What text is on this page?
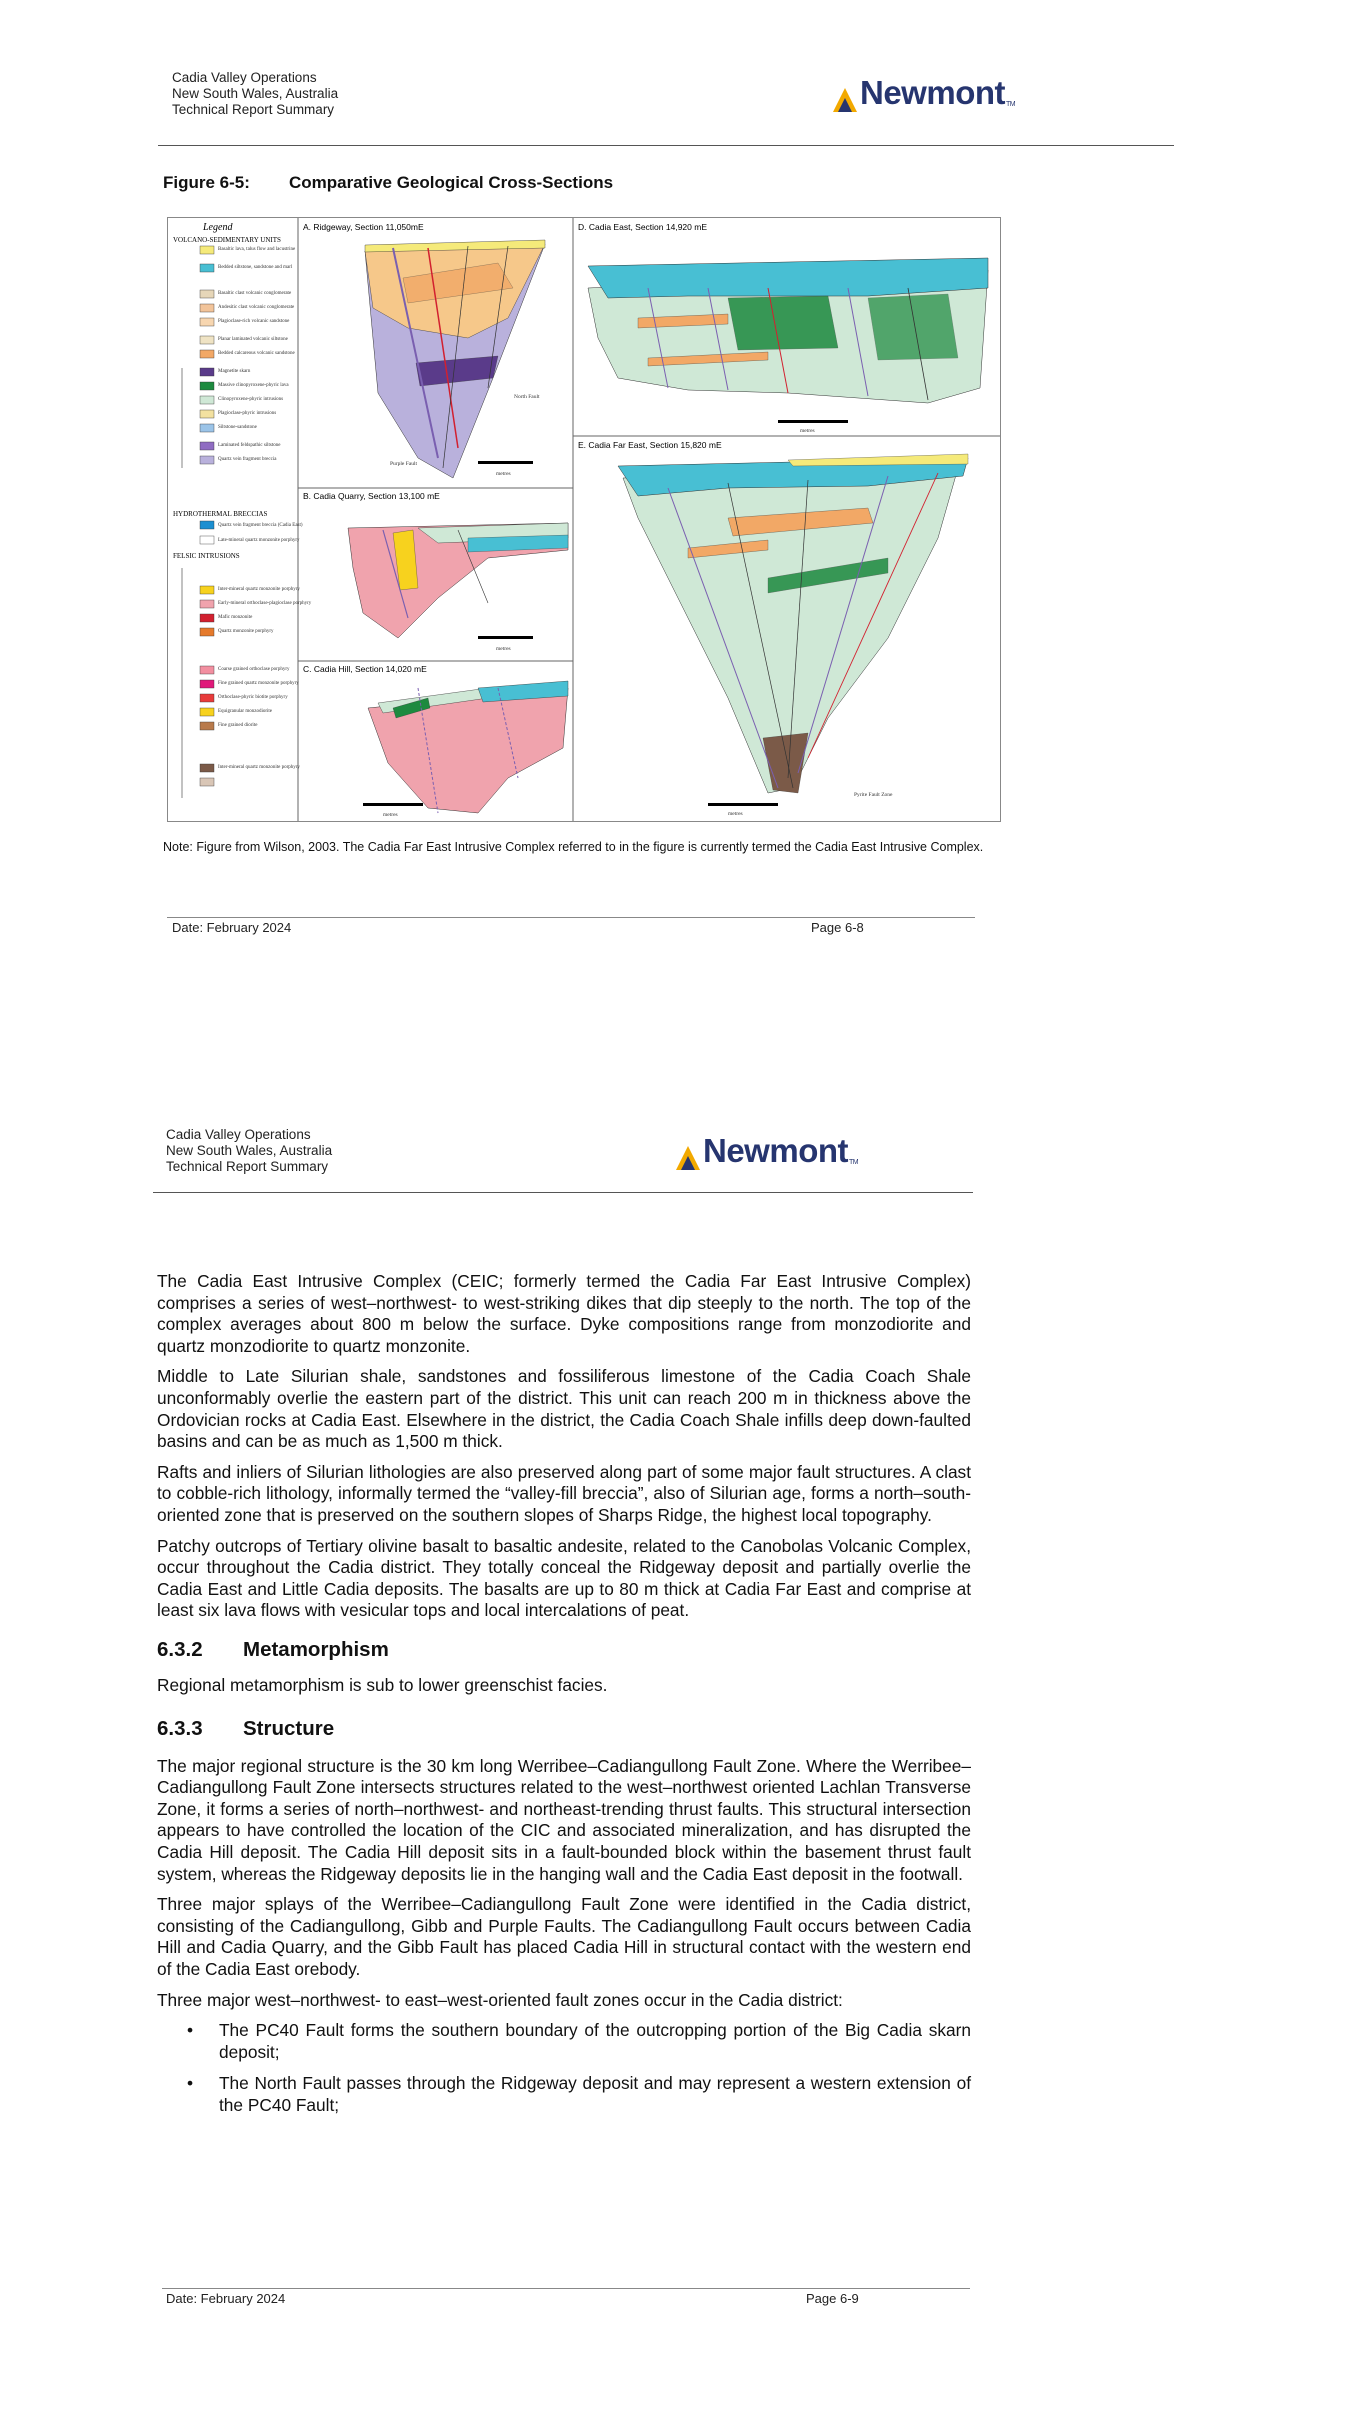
Cadia Valley Operations
New South Wales, Australia
Technical Report Summary	Newmont TM
Figure 6-5: Comparative Geological Cross-Sections
Legend
VOLCANO-SEDIMENTARY UNITS
Basaltic lava, talus flow and lacustrine
Bedded siltstone, sandstone and marl
Basaltic clast volcanic conglomerate
Andesitic clast volcanic conglomerate
Plagioclase-rich volcanic sandstone
Planar laminated volcanic siltstone
Bedded calcareous volcanic sandstone
Magnetite skarn
Massive clinopyroxene-phyric lava
Clinopyroxene-phyric intrusions
Plagioclase-phyric intrusions
Siltstone-sandstone
Laminated feldspathic siltstone
Quartz vein fragment breccia
HYDROTHERMAL BRECCIAS
Quartz vein fragment breccia (Cadia East)
Late-mineral quartz monzonite porphyry
FELSIC INTRUSIONS
Inter-mineral quartz monzonite porphyry
Early-mineral orthoclase-plagioclase porphyry
Mafic monzonite
Quartz monzonite porphyry
Coarse grained orthoclase porphyry
Fine grained quartz monzonite porphyry
Orthoclase-phyric biotite porphyry
Equigranular monzodiorite
Fine grained diorite
Inter-mineral quartz monzonite porphyry
A. Ridgeway, Section 11,050mE
North Fault
Purple Fault
metres
B. Cadia Quarry, Section 13,100 mE
metres
C. Cadia Hill, Section 14,020 mE
metres
D. Cadia East, Section 14,920 mE
metres
E. Cadia Far East, Section 15,820 mE
Pyrite Fault Zone
metres
Note: Figure from Wilson, 2003. The Cadia Far East Intrusive Complex referred to in the figure is currently termed the Cadia East Intrusive Complex.
Date: February 2024	Page 6-8
Cadia Valley Operations
New South Wales, Australia
Technical Report Summary	Newmont TM

The Cadia East Intrusive Complex (CEIC; formerly termed the Cadia Far East Intrusive Complex) comprises a series of west–northwest- to west-striking dikes that dip steeply to the north. The top of the complex averages about 800 m below the surface. Dyke compositions range from monzodiorite and quartz monzodiorite to quartz monzonite.

Middle to Late Silurian shale, sandstones and fossiliferous limestone of the Cadia Coach Shale unconformably overlie the eastern part of the district. This unit can reach 200 m in thickness above the Ordovician rocks at Cadia East. Elsewhere in the district, the Cadia Coach Shale infills deep down-faulted basins and can be as much as 1,500 m thick.

Rafts and inliers of Silurian lithologies are also preserved along part of some major fault structures. A clast to cobble-rich lithology, informally termed the “valley-fill breccia”, also of Silurian age, forms a north–south-oriented zone that is preserved on the southern slopes of Sharps Ridge, the highest local topography.

Patchy outcrops of Tertiary olivine basalt to basaltic andesite, related to the Canobolas Volcanic Complex, occur throughout the Cadia district. They totally conceal the Ridgeway deposit and partially overlie the Cadia East and Little Cadia deposits. The basalts are up to 80 m thick at Cadia Far East and comprise at least six lava flows with vesicular tops and local intercalations of peat.

6.3.2 Metamorphism

Regional metamorphism is sub to lower greenschist facies.

6.3.3 Structure

The major regional structure is the 30 km long Werribee–Cadiangullong Fault Zone. Where the Werribee–Cadiangullong Fault Zone intersects structures related to the west–northwest oriented Lachlan Transverse Zone, it forms a series of north–northwest- and northeast-trending thrust faults. This structural intersection appears to have controlled the location of the CIC and associated mineralization, and has disrupted the Cadia Hill deposit. The Cadia Hill deposit sits in a fault-bounded block within the basement thrust fault system, whereas the Ridgeway deposits lie in the hanging wall and the Cadia East deposit in the footwall.

Three major splays of the Werribee–Cadiangullong Fault Zone were identified in the Cadia district, consisting of the Cadiangullong, Gibb and Purple Faults. The Cadiangullong Fault occurs between Cadia Hill and Cadia Quarry, and the Gibb Fault has placed Cadia Hill in structural contact with the western end of the Cadia East orebody.

Three major west–northwest- to east–west-oriented fault zones occur in the Cadia district:

• The PC40 Fault forms the southern boundary of the outcropping portion of the Big Cadia skarn deposit;
• The North Fault passes through the Ridgeway deposit and may represent a western extension of the PC40 Fault;
Date: February 2024	Page 6-9
